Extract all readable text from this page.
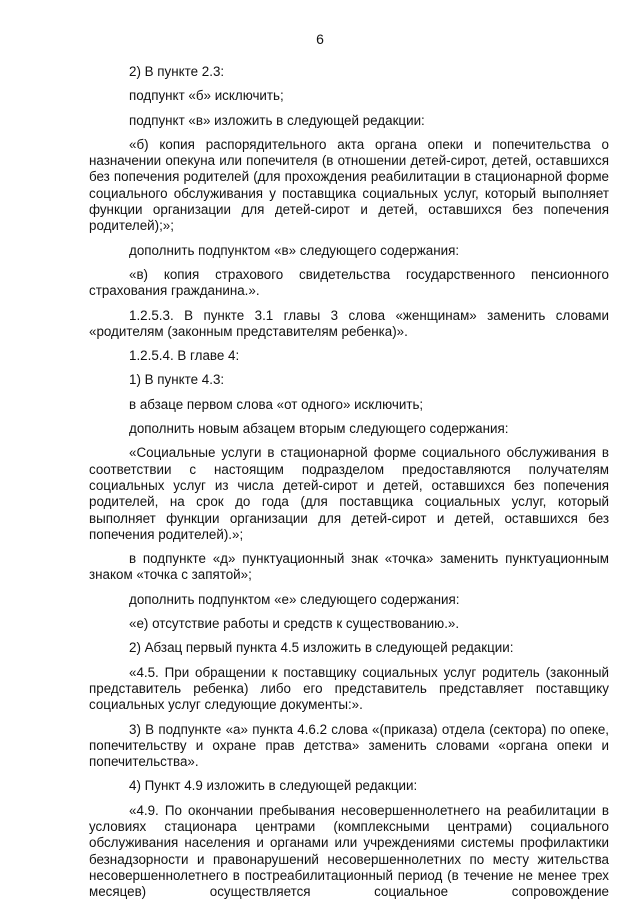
6

2) В пункте 2.3:

подпункт «б» исключить;

подпункт «в» изложить в следующей редакции:

«б) копия распорядительного акта органа опеки и попечительства о назначении опекуна или попечителя (в отношении детей-сирот, детей, оставшихся без попечения родителей (для прохождения реабилитации в стационарной форме социального обслуживания у поставщика социальных услуг, который выполняет функции организации для детей-сирот и детей, оставшихся без попечения родителей);»;

дополнить подпунктом «в» следующего содержания:

«в) копия страхового свидетельства государственного пенсионного страхования гражданина.».

1.2.5.3. В пункте 3.1 главы 3 слова «женщинам» заменить словами «родителям (законным представителям ребенка)».

1.2.5.4. В главе 4:

1) В пункте 4.3:

в абзаце первом слова «от одного» исключить;

дополнить новым абзацем вторым следующего содержания:

«Социальные услуги в стационарной форме социального обслуживания в соответствии с настоящим подразделом предоставляются получателям социальных услуг из числа детей-сирот и детей, оставшихся без попечения родителей, на срок до года (для поставщика социальных услуг, который выполняет функции организации для детей-сирот и детей, оставшихся без попечения родителей).»;

в подпункте «д» пунктуационный знак «точка» заменить пунктуационным знаком «точка с запятой»;

дополнить подпунктом «е» следующего содержания:

«е) отсутствие работы и средств к существованию.».

2) Абзац первый пункта 4.5 изложить в следующей редакции:

«4.5. При обращении к поставщику социальных услуг родитель (законный представитель ребенка) либо его представитель представляет поставщику социальных услуг следующие документы:».

3) В подпункте «а» пункта 4.6.2 слова «(приказа) отдела (сектора) по опеке, попечительству и охране прав детства» заменить словами «органа опеки и попечительства».

4) Пункт 4.9 изложить в следующей редакции:

«4.9. По окончании пребывания несовершеннолетнего на реабилитации в условиях стационара центрами (комплексными центрами) социального обслуживания населения и органами или учреждениями системы профилактики безнадзорности и правонарушений несовершеннолетних по месту жительства несовершеннолетнего в постреабилитационный период (в течение не менее трех месяцев) осуществляется социальное сопровождение
